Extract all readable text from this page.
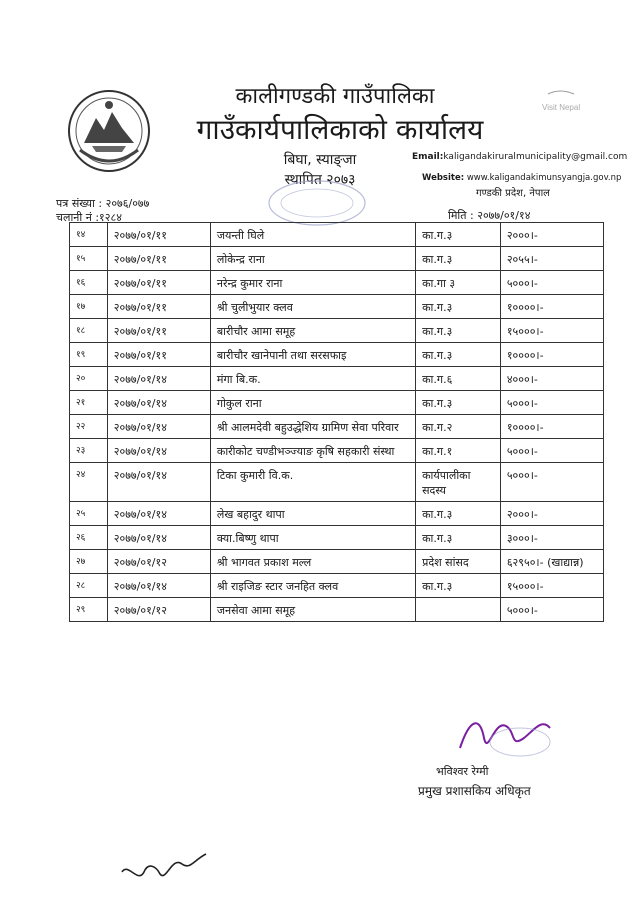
कालीगण्डकी गाउँपालिका
गाउँकार्यपालिकाको कार्यालय
बिघा, स्याङ्जा
स्थापित २०७३
Email:kaligandakiruralmunicipality@gmail.com
Website: www.kaligandakimunsyangja.gov.np
गण्डकी प्रदेश, नेपाल
Visit Nepal
पत्र संख्या : २०७६/०७७
चलानी नं :१२८४	मिति : २०७७/०१/१४
१४	२०७७/०१/११	जयन्ती घिले	का.ग.३	२०००।-
१५	२०७७/०१/११	लोकेन्द्र राना	का.ग.३	२०५५।-
१६	२०७७/०१/११	नरेन्द्र कुमार राना	का.गा ३	५०००।-
१७	२०७७/०१/११	श्री चुलीभुयार क्लव	का.ग.३	१००००।-
१८	२०७७/०१/११	बारीचौर आमा समूह	का.ग.३	१५०००।-
१९	२०७७/०१/११	बारीचौर खानेपानी तथा सरसफाइ	का.ग.३	१००००।-
२०	२०७७/०१/१४	मंगा बि.क.	का.ग.६	४०००।-
२१	२०७७/०१/१४	गोकुल राना	का.ग.३	५०००।-
२२	२०७७/०१/१४	श्री आलमदेवी बहुउद्धेशिय ग्रामिण सेवा परिवार	का.ग.२	१००००।-
२३	२०७७/०१/१४	कारीकोट चण्डीभञ्ज्याङ कृषि सहकारी संस्था	का.ग.१	५०००।-
२४	२०७७/०१/१४	टिका कुमारी वि.क.	कार्यपालीका सदस्य	५०००।-
२५	२०७७/०१/१४	लेख बहादुर थापा	का.ग.३	२०००।-
२६	२०७७/०१/१४	क्या.बिष्णु थापा	का.ग.३	३०००।-
२७	२०७७/०१/१२	श्री भागवत प्रकाश मल्ल	प्रदेश सांसद	६२९५०।- (खाद्यान्न)
२८	२०७७/०१/१४	श्री राइजिङ स्टार जनहित क्लव	का.ग.३	१५०००।-
२९	२०७७/०१/१२	जनसेवा आमा समूह		५०००।-
भविश्वर रेग्मी
प्रमुख प्रशासकिय अधिकृत
